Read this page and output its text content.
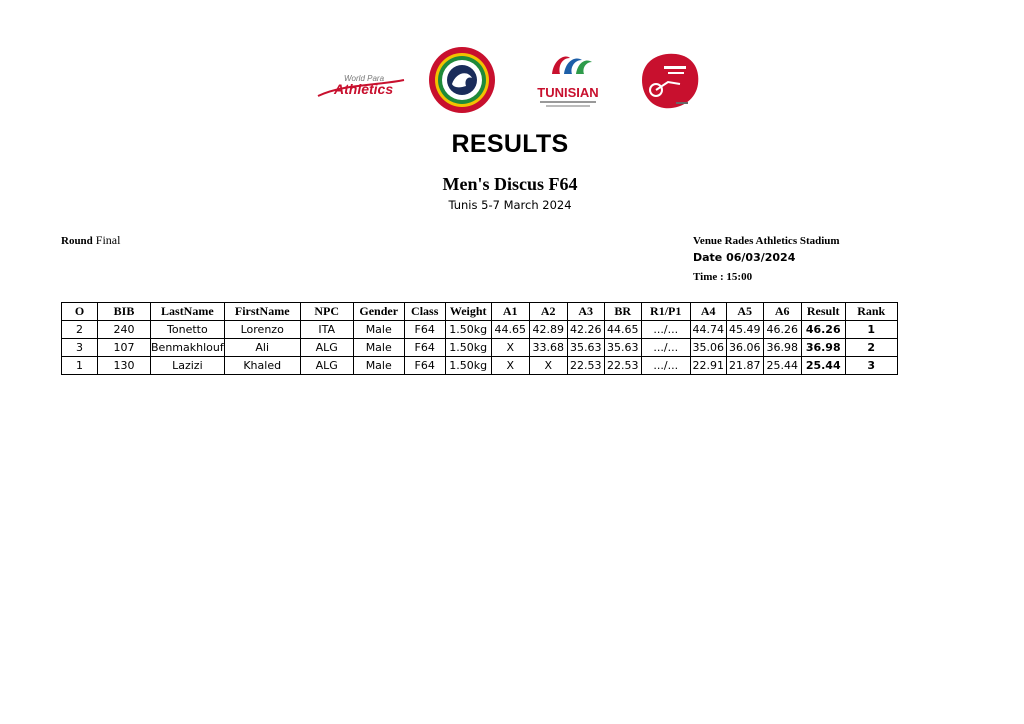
World Para
Athletics	TUNISIAN
RESULTS
Men's Discus F64
Tunis 5-7 March 2024
Round Final	Venue Rades Athletics Stadium
Date 06/03/2024
Time : 15:00
O	BIB	LastName	FirstName	NPC	Gender	Class	Weight	A1	A2	A3	BR	R1/P1	A4	A5	A6	Result	Rank
2	240	Tonetto	Lorenzo	ITA	Male	F64	1.50kg	44.65	42.89	42.26	44.65	.../...	44.74	45.49	46.26	46.26	1
3	107	Benmakhlouf	Ali	ALG	Male	F64	1.50kg	X	33.68	35.63	35.63	.../...	35.06	36.06	36.98	36.98	2
1	130	Lazizi	Khaled	ALG	Male	F64	1.50kg	X	X	22.53	22.53	.../...	22.91	21.87	25.44	25.44	3
